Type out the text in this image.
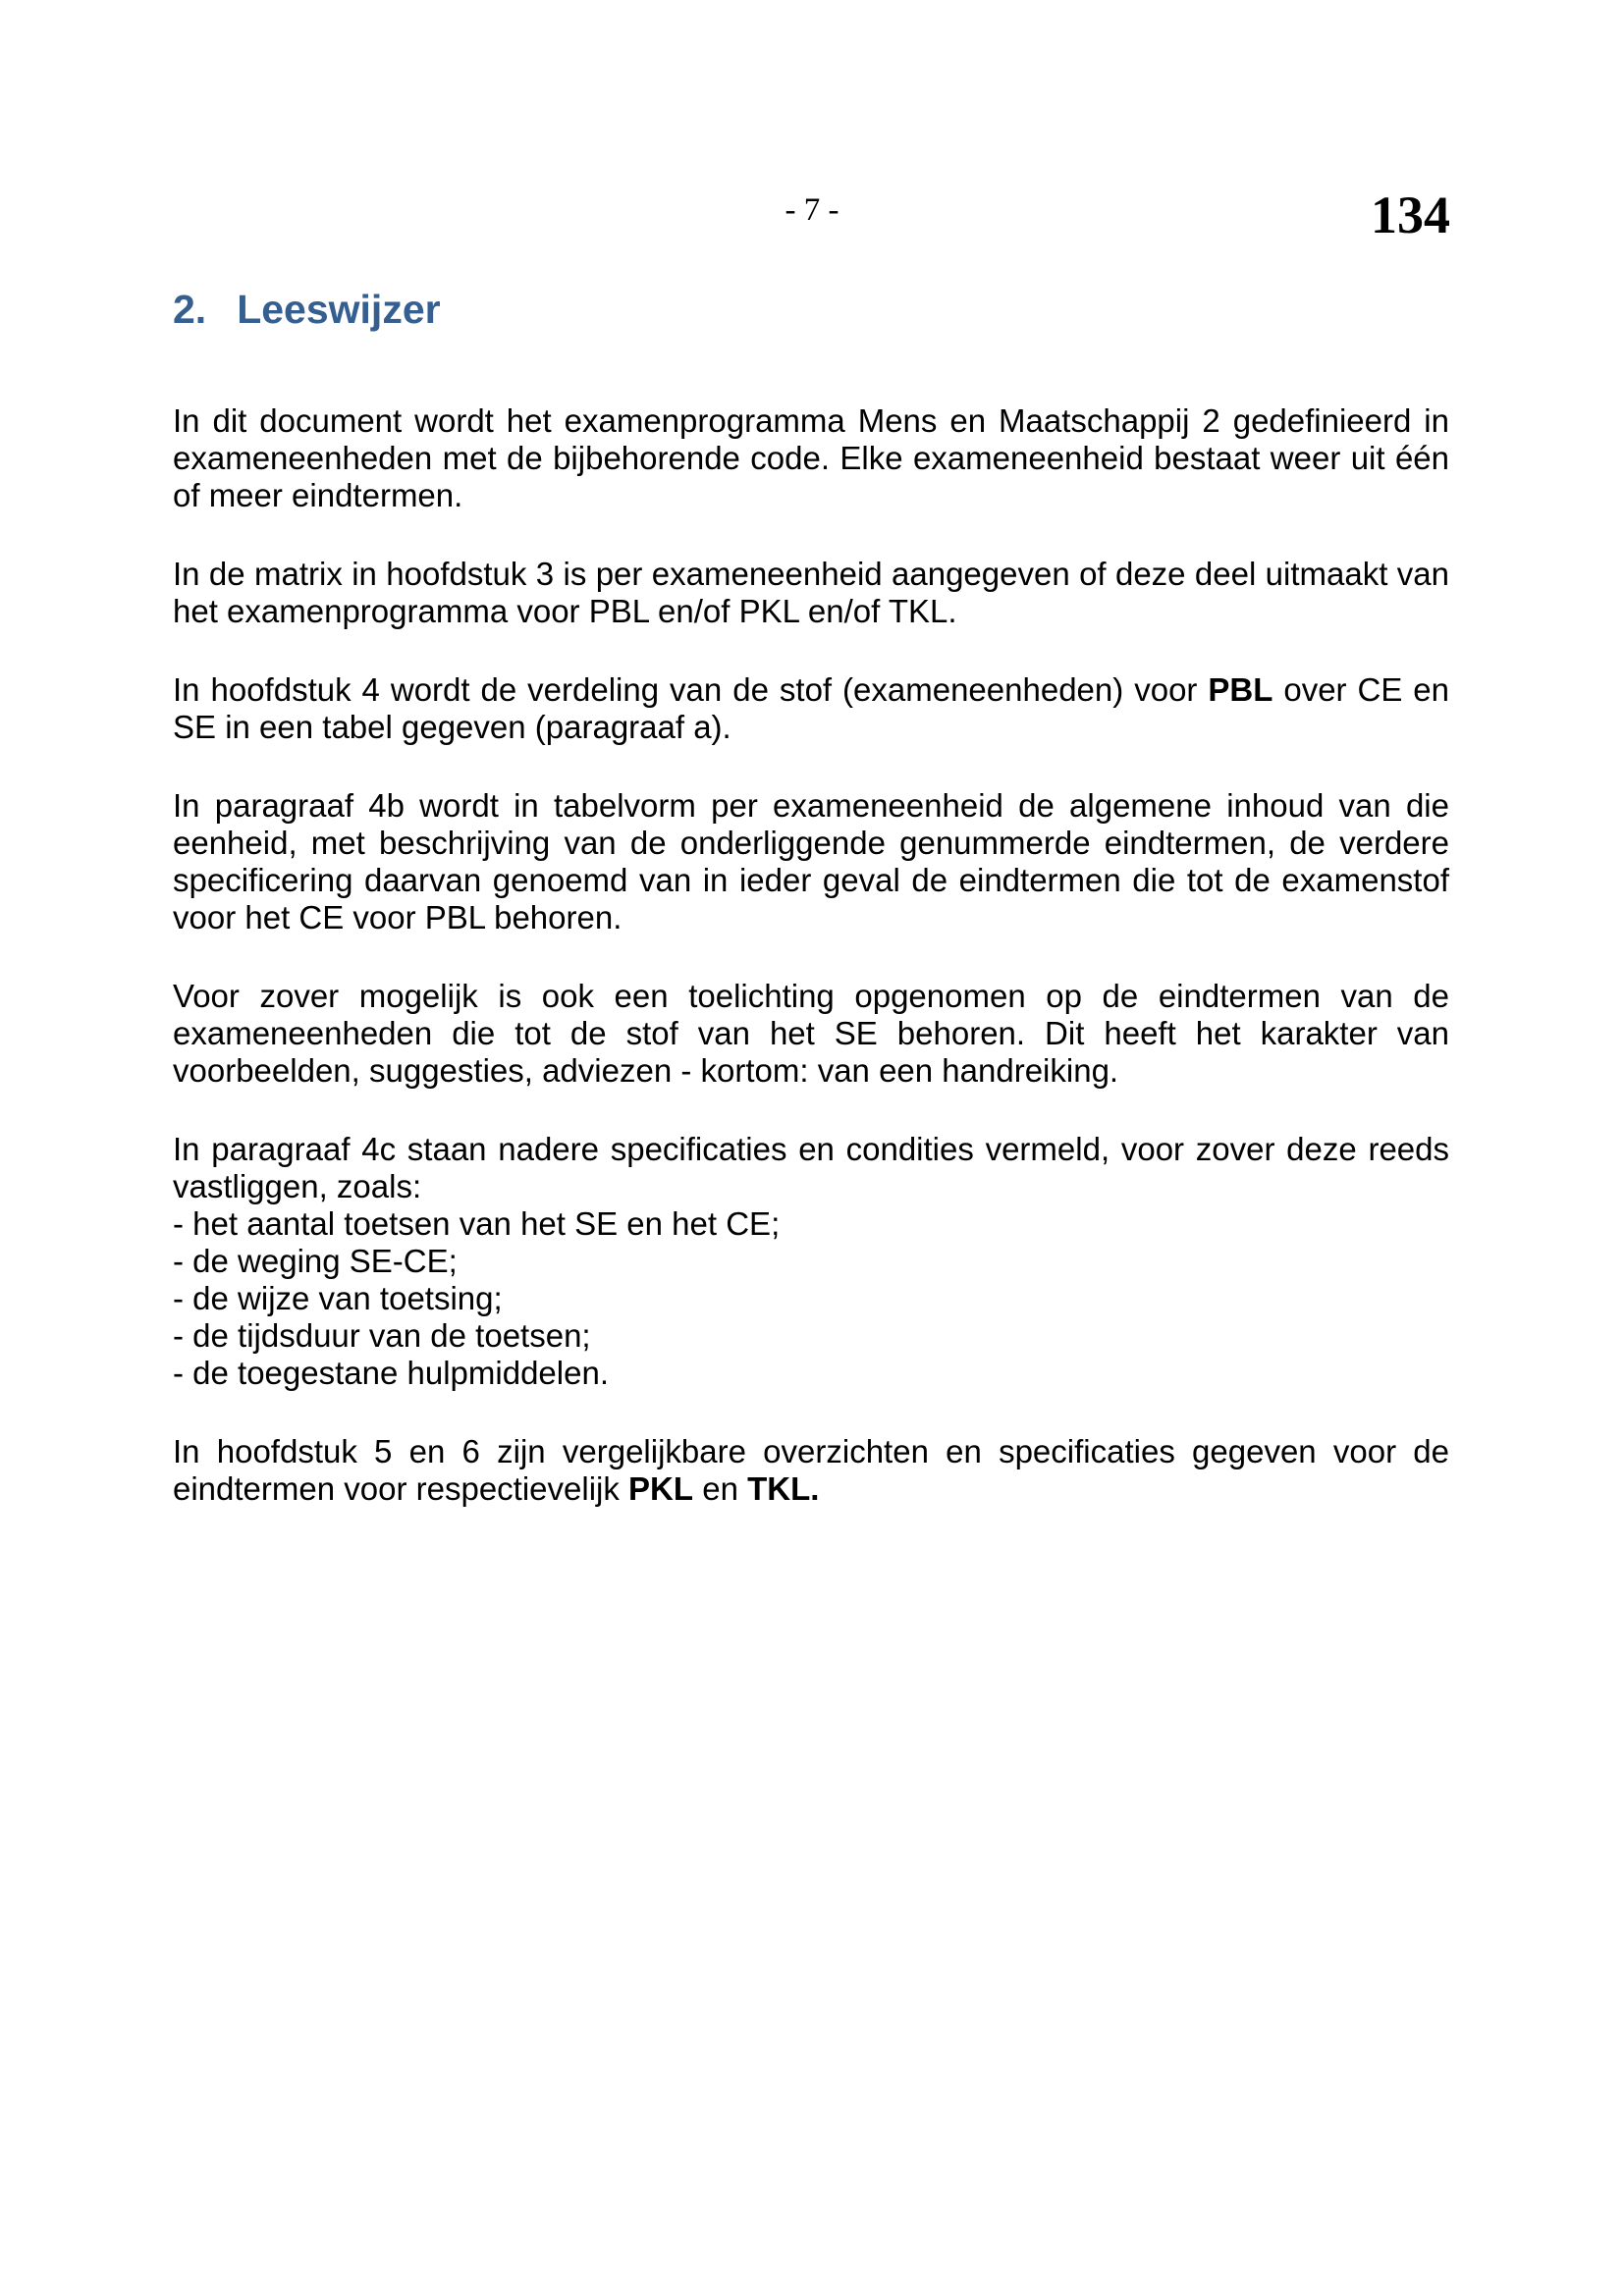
- 7 -	134
2. Leeswijzer

In dit document wordt het examenprogramma Mens en Maatschappij 2 gedefinieerd in exameneenheden met de bijbehorende code. Elke exameneenheid bestaat weer uit één of meer eindtermen.

In de matrix in hoofdstuk 3 is per exameneenheid aangegeven of deze deel uitmaakt van het examenprogramma voor PBL en/of PKL en/of TKL.

In hoofdstuk 4 wordt de verdeling van de stof (exameneenheden) voor PBL over CE en SE in een tabel gegeven (paragraaf a).

In paragraaf 4b wordt in tabelvorm per exameneenheid de algemene inhoud van die eenheid, met beschrijving van de onderliggende genummerde eindtermen, de verdere specificering daarvan genoemd van in ieder geval de eindtermen die tot de examenstof voor het CE voor PBL behoren.

Voor zover mogelijk is ook een toelichting opgenomen op de eindtermen van de exameneenheden die tot de stof van het SE behoren. Dit heeft het karakter van voorbeelden, suggesties, adviezen - kortom: van een handreiking.

In paragraaf 4c staan nadere specificaties en condities vermeld, voor zover deze reeds vastliggen, zoals:

- het aantal toetsen van het SE en het CE;
- de weging SE-CE;
- de wijze van toetsing;
- de tijdsduur van de toetsen;
- de toegestane hulpmiddelen.

In hoofdstuk 5 en 6 zijn vergelijkbare overzichten en specificaties gegeven voor de eindtermen voor respectievelijk PKL en TKL.
